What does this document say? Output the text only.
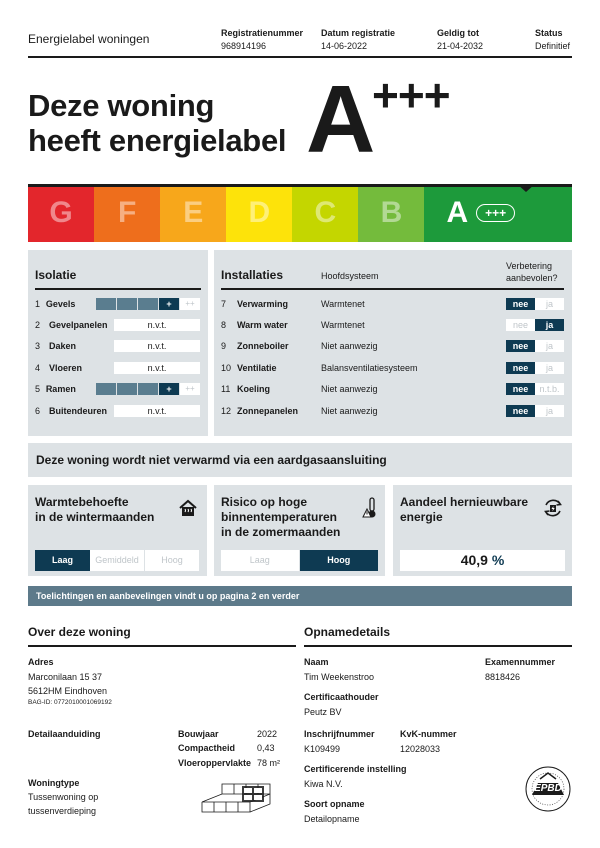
Energielabel woningen	Registratienummer
968914196
Datum registratie
14-06-2022
Geldig tot
21-04-2032
Status
Definitief
Deze woning
heeft energielabel A
+++
G F E D C B A	+++
Isolatie
1 Gevels	+	++
2 Gevelpanelen	n.v.t.
3 Daken	n.v.t.
4 Vloeren	n.v.t.
5 Ramen	+	++
6 Buitendeuren	n.v.t.
Installaties	Hoofdsysteem
Verbetering
aanbevolen?
7	Verwarming	Warmtenet	nee	ja
8	Warm water	Warmtenet	nee	ja
9	Zonneboiler	Niet aanwezig	nee	ja
10 Ventilatie	Balansventilatiesysteem	nee	ja
11 Koeling	Niet aanwezig	nee	n.t.b.
12 Zonnepanelen	Niet aanwezig	nee	ja
Deze woning wordt niet verwarmd via een aardgasaansluiting
Warmtebehoefte
in de wintermaanden
Laag	Gemiddeld	Hoog
Risico op hoge
binnentemperaturen
in de zomermaanden
Laag	Hoog
Aandeel hernieuwbare
energie
40,9 %
Toelichtingen en aanbevelingen vindt u op pagina 2 en verder
Over deze woning
Adres
Marconilaan 15 37
5612HM Eindhoven
BAG-ID: 0772010001069192
Detailaanduiding	Bouwjaar	2022
Compactheid 0,43
Vloeroppervlakte 78 m²
Woningtype
Tussenwoning op
tussenverdieping
Opnamedetails
Naam
Tim Weekenstroo
Examennummer
8818426
Certificaathouder
Peutz BV
Inschrijfnummer
K109499
KvK-nummer
12028033
Certificerende instelling
Kiwa N.V.
Soort opname
Detailopname
EPBD
